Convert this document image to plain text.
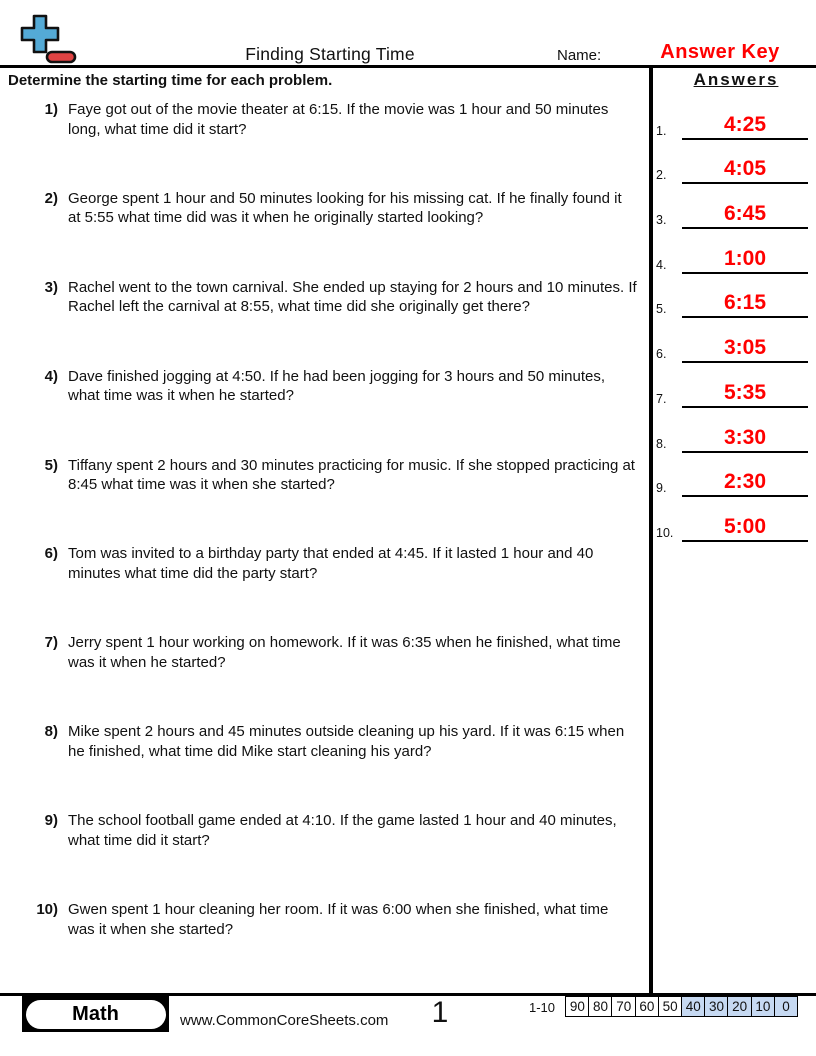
Finding Starting Time	Name:	Answer Key
Determine the starting time for each problem.
1) Faye got out of the movie theater at 6:15. If the movie was 1 hour and 50 minutes long, what time did it start?
2) George spent 1 hour and 50 minutes looking for his missing cat. If he finally found it at 5:55 what time did was it when he originally started looking?
3) Rachel went to the town carnival. She ended up staying for 2 hours and 10 minutes. If Rachel left the carnival at 8:55, what time did she originally get there?
4) Dave finished jogging at 4:50. If he had been jogging for 3 hours and 50 minutes, what time was it when he started?
5) Tiffany spent 2 hours and 30 minutes practicing for music. If she stopped practicing at 8:45 what time was it when she started?
6) Tom was invited to a birthday party that ended at 4:45. If it lasted 1 hour and 40 minutes what time did the party start?
7) Jerry spent 1 hour working on homework. If it was 6:35 when he finished, what time was it when he started?
8) Mike spent 2 hours and 45 minutes outside cleaning up his yard. If it was 6:15 when he finished, what time did Mike start cleaning his yard?
9) The school football game ended at 4:10. If the game lasted 1 hour and 40 minutes, what time did it start?
10) Gwen spent 1 hour cleaning her room. If it was 6:00 when she finished, what time was it when she started?
Answers
1.	4:25
2.	4:05
3.	6:45
4.	1:00
5.	6:15
6.	3:05
7.	5:35
8.	3:30
9.	2:30
10.	5:00
Math	www.CommonCoreSheets.com	1	1-10	90 80 70 60 50 40 30 20 10 0
